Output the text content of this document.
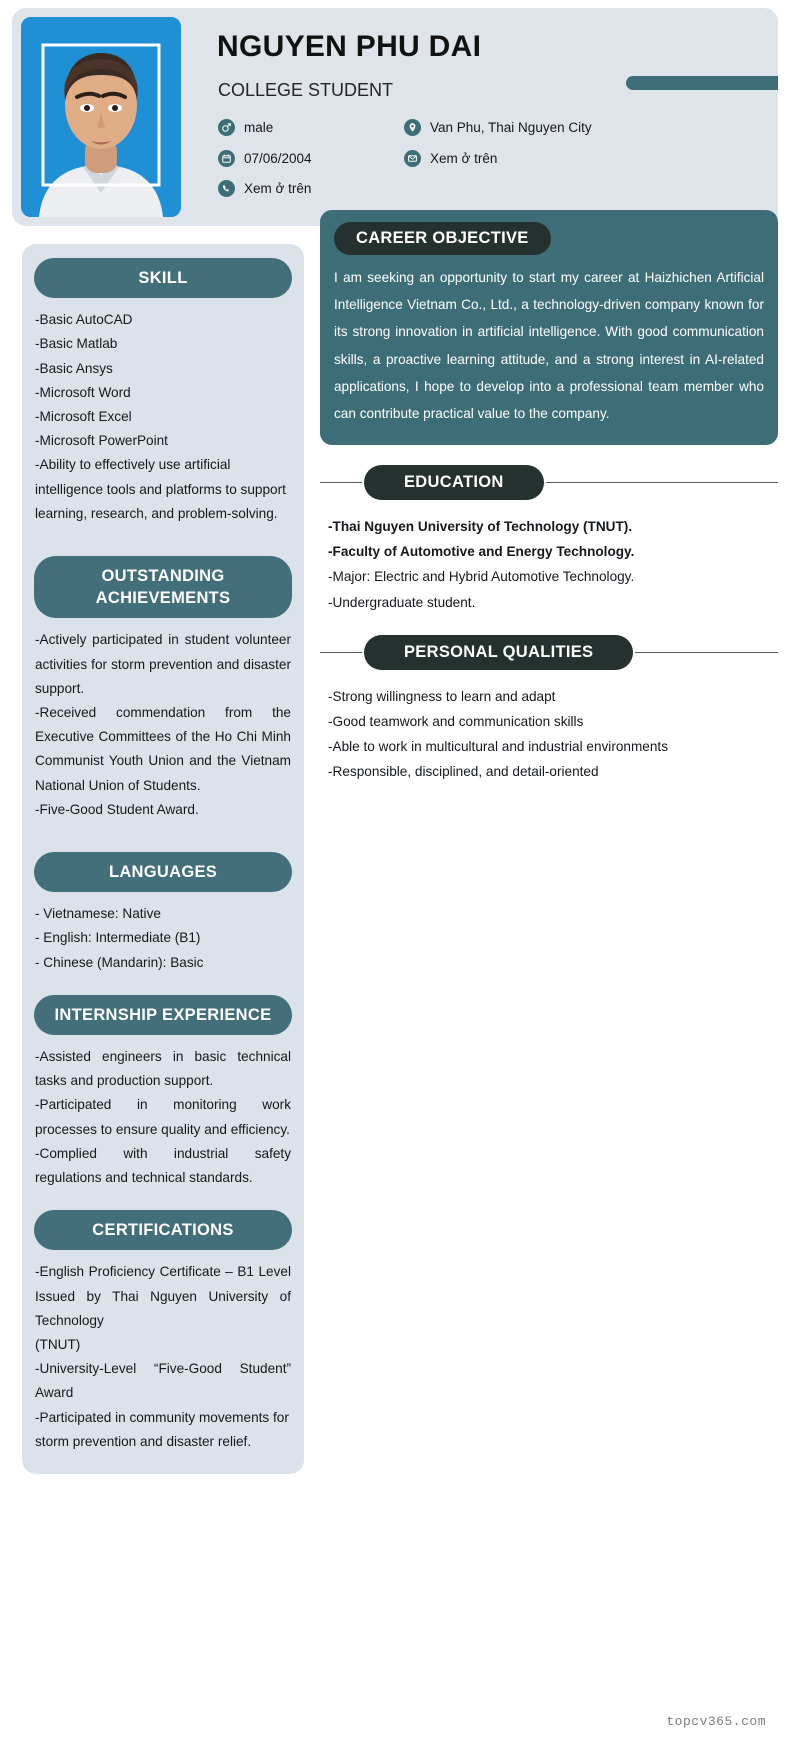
NGUYEN PHU DAI
COLLEGE STUDENT
male
07/06/2004
Xem ở trên
Van Phu, Thai Nguyen City
Xem ở trên
SKILL

-Basic AutoCAD

-Basic Matlab

-Basic Ansys

-Microsoft Word

-Microsoft Excel

-Microsoft PowerPoint

-Ability to effectively use artificial intelligence tools and platforms to support learning, research, and problem-solving.

OUTSTANDING ACHIEVEMENTS

-Actively participated in student volunteer activities for storm prevention and disaster support.

-Received commendation from the Executive Committees of the Ho Chi Minh Communist Youth Union and the Vietnam National Union of Students.

-Five-Good Student Award.

LANGUAGES

- Vietnamese: Native

- English: Intermediate (B1)

- Chinese (Mandarin): Basic

INTERNSHIP EXPERIENCE

-Assisted engineers in basic technical tasks and production support.

-Participated in monitoring work processes to ensure quality and efficiency.

-Complied with industrial safety regulations and technical standards.

CERTIFICATIONS

-English Proficiency Certificate – B1 Level Issued by Thai Nguyen University of Technology

(TNUT)

-University-Level “Five-Good Student” Award

-Participated in community movements for storm prevention and disaster relief.

CAREER OBJECTIVE
I am seeking an opportunity to start my career at Haizhichen Artificial Intelligence Vietnam Co., Ltd., a technology-driven company known for its strong innovation in artificial intelligence. With good communication skills, a proactive learning attitude, and a strong interest in AI-related applications, I hope to develop into a professional team member who can contribute practical value to the company.
EDUCATION

-Thai Nguyen University of Technology (TNUT).

-Faculty of Automotive and Energy Technology.

-Major: Electric and Hybrid Automotive Technology.

-Undergraduate student.

PERSONAL QUALITIES

-Strong willingness to learn and adapt

-Good teamwork and communication skills

-Able to work in multicultural and industrial environments

-Responsible, disciplined, and detail-oriented

topcv365.com
